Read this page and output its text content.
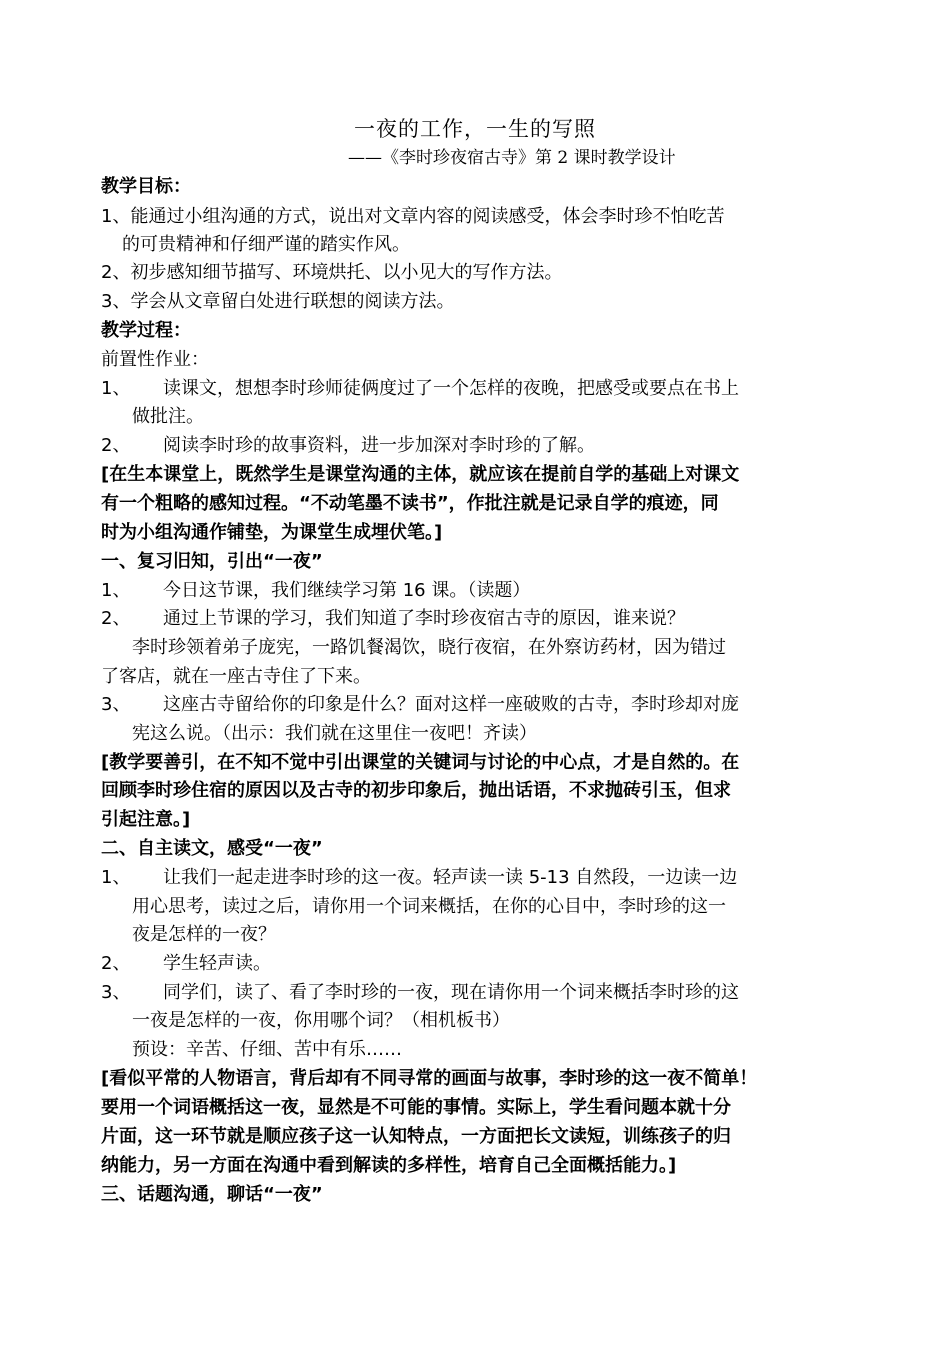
一夜的工作，一生的写照
——《李时珍夜宿古寺》第 2 课时教学设计
教学目标：
1、能通过小组沟通的方式，说出对文章内容的阅读感受，体会李时珍不怕吃苦
的可贵精神和仔细严谨的踏实作风。
2、初步感知细节描写、环境烘托、以小见大的写作方法。
3、学会从文章留白处进行联想的阅读方法。
教学过程：
前置性作业：
1、 读课文，想想李时珍师徒俩度过了一个怎样的夜晚，把感受或要点在书上
做批注。
2、 阅读李时珍的故事资料，进一步加深对李时珍的了解。
[在生本课堂上，既然学生是课堂沟通的主体，就应该在提前自学的基础上对课文
有一个粗略的感知过程。“不动笔墨不读书”，作批注就是记录自学的痕迹，同
时为小组沟通作铺垫，为课堂生成埋伏笔。]
一、复习旧知，引出“一夜”
1、 今日这节课，我们继续学习第 16 课。（读题）
2、 通过上节课的学习，我们知道了李时珍夜宿古寺的原因，谁来说？
李时珍领着弟子庞宪，一路饥餐渴饮，晓行夜宿，在外察访药材，因为错过
了客店，就在一座古寺住了下来。
3、 这座古寺留给你的印象是什么？面对这样一座破败的古寺，李时珍却对庞
宪这么说。（出示：我们就在这里住一夜吧！齐读）
[教学要善引，在不知不觉中引出课堂的关键词与讨论的中心点，才是自然的。在
回顾李时珍住宿的原因以及古寺的初步印象后，抛出话语，不求抛砖引玉，但求
引起注意。]
二、自主读文，感受“一夜”
1、 让我们一起走进李时珍的这一夜。轻声读一读 5-13 自然段，一边读一边
用心思考，读过之后，请你用一个词来概括，在你的心目中，李时珍的这一
夜是怎样的一夜？
2、 学生轻声读。
3、 同学们，读了、看了李时珍的一夜，现在请你用一个词来概括李时珍的这
一夜是怎样的一夜，你用哪个词？（相机板书）
预设：辛苦、仔细、苦中有乐……
[看似平常的人物语言，背后却有不同寻常的画面与故事，李时珍的这一夜不简单！
要用一个词语概括这一夜，显然是不可能的事情。实际上，学生看问题本就十分
片面，这一环节就是顺应孩子这一认知特点，一方面把长文读短，训练孩子的归
纳能力，另一方面在沟通中看到解读的多样性，培育自己全面概括能力。]
三、话题沟通，聊话“一夜”
